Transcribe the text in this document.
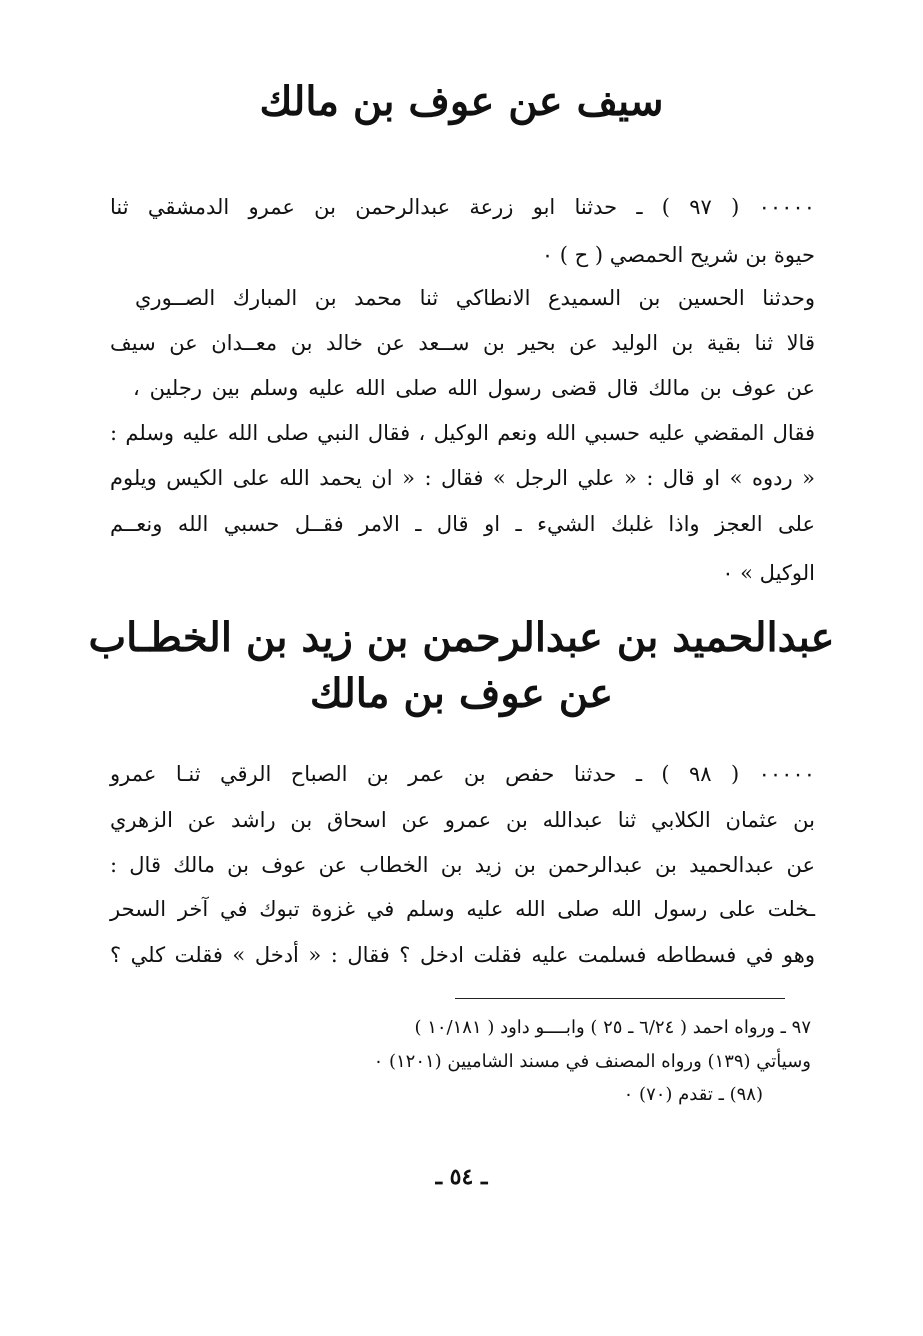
سيف عن عوف بن مالك
٠٠٠٠٠ ( ٩٧ ) ـ حدثنا ابو زرعة عبدالرحمن بن عمرو الدمشقي ثنا
حيوة بن شريح الحمصي ( ح ) ٠
وحدثنا الحسين بن السميدع الانطاكي ثنا محمد بن المبارك الصــوري
قالا ثنا بقية بن الوليد عن بحير بن ســعد عن خالد بن معــدان عن سيف
عن عوف بن مالك قال قضى رسول الله صلى الله عليه وسلم بين رجلين ،
فقال المقضي عليه حسبي الله ونعم الوكيل ، فقال النبي صلى الله عليه وسلم :
« ردوه » او قال : « علي الرجل » فقال : « ان يحمد الله على الكيس ويلوم
على العجز واذا غلبك الشيء ـ او قال ـ الامر فقــل حسبي الله ونعــم
الوكيل » ٠
عبدالحميد بن عبدالرحمن بن زيد بن الخطـاب
عن عوف بن مالك
٠٠٠٠٠ ( ٩٨ ) ـ حدثنا حفص بن عمر بن الصباح الرقي ثنـا عمرو
بن عثمان الكلابي ثنا عبدالله بن عمرو عن اسحاق بن راشد عن الزهري
عن عبدالحميد بن عبدالرحمن بن زيد بن الخطاب عن عوف بن مالك قال :
ـخلت على رسول الله صلى الله عليه وسلم في غزوة تبوك في آخر السحر
وهو في فسطاطه فسلمت عليه فقلت ادخل ؟ فقال : « أدخل » فقلت كلي ؟
٩٧ ـ ورواه احمد ( ٦/٢٤ ـ ٢٥ ) وابــــو داود ( ١٠/١٨١ )
وسيأتي (١٣٩) ورواه المصنف في مسند الشاميين (١٢٠١) ٠
(٩٨) ـ تقدم (٧٠) ٠
ـ ٥٤ ـ
